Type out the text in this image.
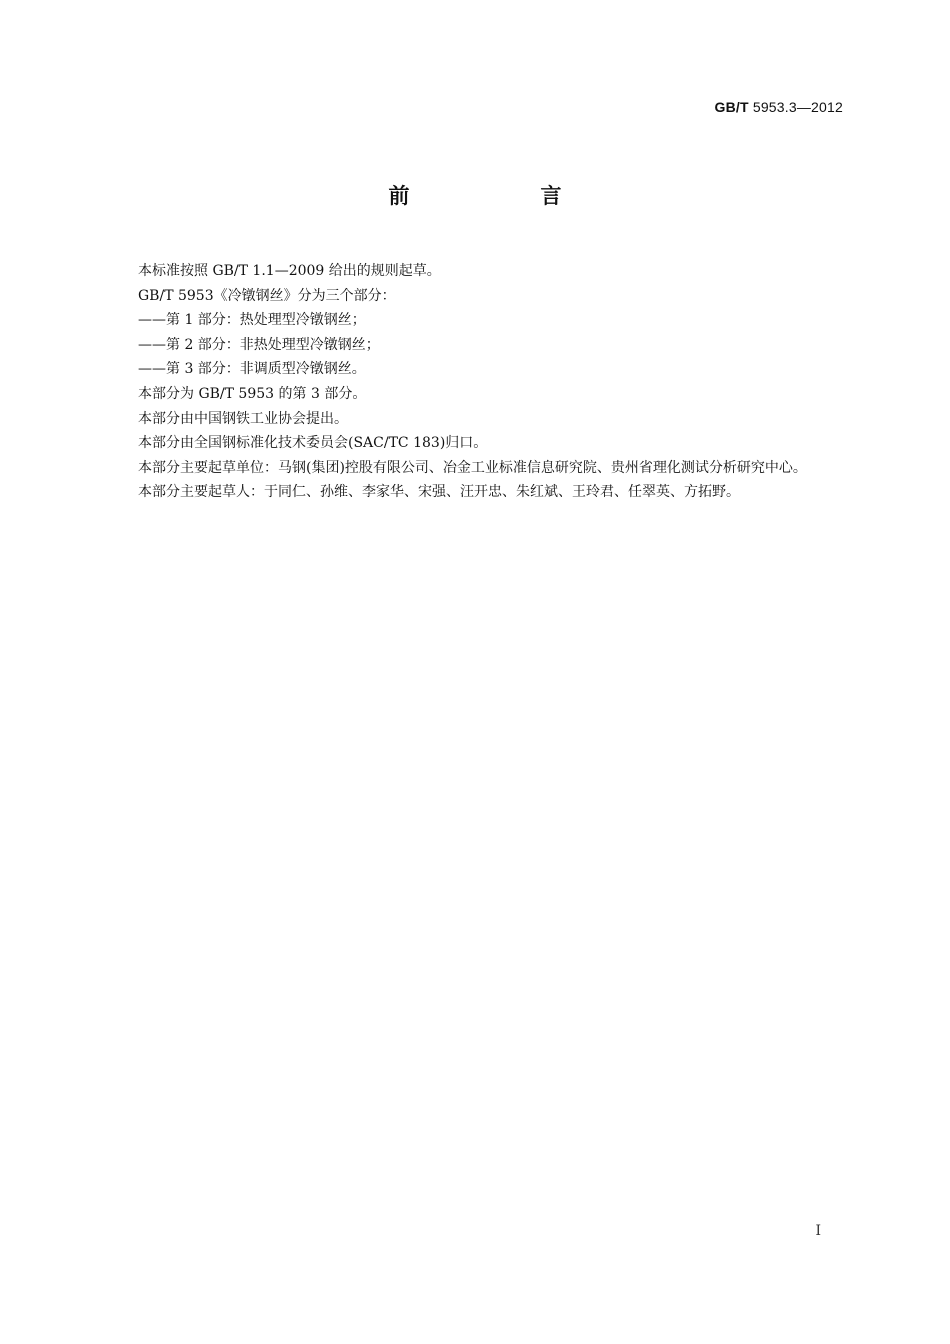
GB/T 5953.3—2012
前　言

本标准按照 GB/T 1.1—2009 给出的规则起草。

GB/T 5953《冷镦钢丝》分为三个部分：

——第 1 部分：热处理型冷镦钢丝；

——第 2 部分：非热处理型冷镦钢丝；

——第 3 部分：非调质型冷镦钢丝。

本部分为 GB/T 5953 的第 3 部分。

本部分由中国钢铁工业协会提出。

本部分由全国钢标准化技术委员会(SAC/TC 183)归口。

本部分主要起草单位：马钢(集团)控股有限公司、冶金工业标准信息研究院、贵州省理化测试分析研究中心。

本部分主要起草人：于同仁、孙维、李家华、宋强、汪开忠、朱红斌、王玲君、任翠英、方拓野。

I
